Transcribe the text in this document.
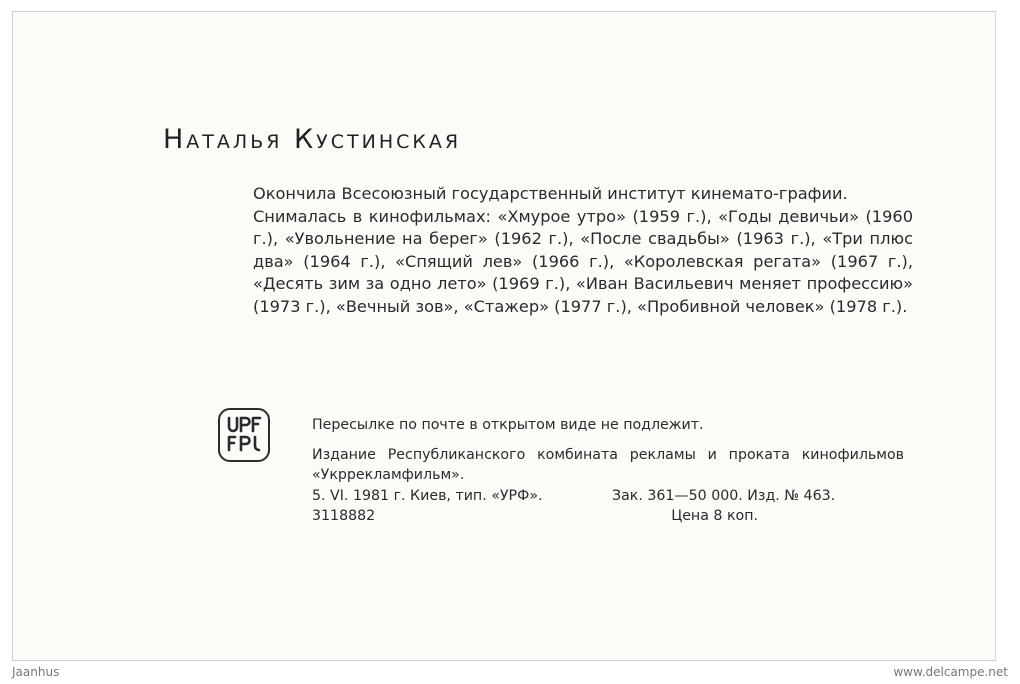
Наталья Кустинская

Окончила Всесоюзный государственный институт кинемато-графии.

Снималась в кинофильмах: «Хмурое утро» (1959 г.), «Годы девичьи» (1960 г.), «Увольнение на берег» (1962 г.), «После свадьбы» (1963 г.), «Три плюс два» (1964 г.), «Спящий лев» (1966 г.), «Королевская регата» (1967 г.), «Десять зим за одно лето» (1969 г.), «Иван Васильевич меняет профессию» (1973 г.), «Вечный зов», «Стажер» (1977 г.), «Пробивной человек» (1978 г.).

Пересылке по почте в открытом виде не подлежит.

Издание Республиканского комбината рекламы и проката кинофильмов «Укррекламфильм».

5. VI. 1981 г. Киев, тип. «УРФ».	Зак. 361—50 000. Изд. № 463.
3118882	Цена 8 коп.
Jaanhus	www.delcampe.net
